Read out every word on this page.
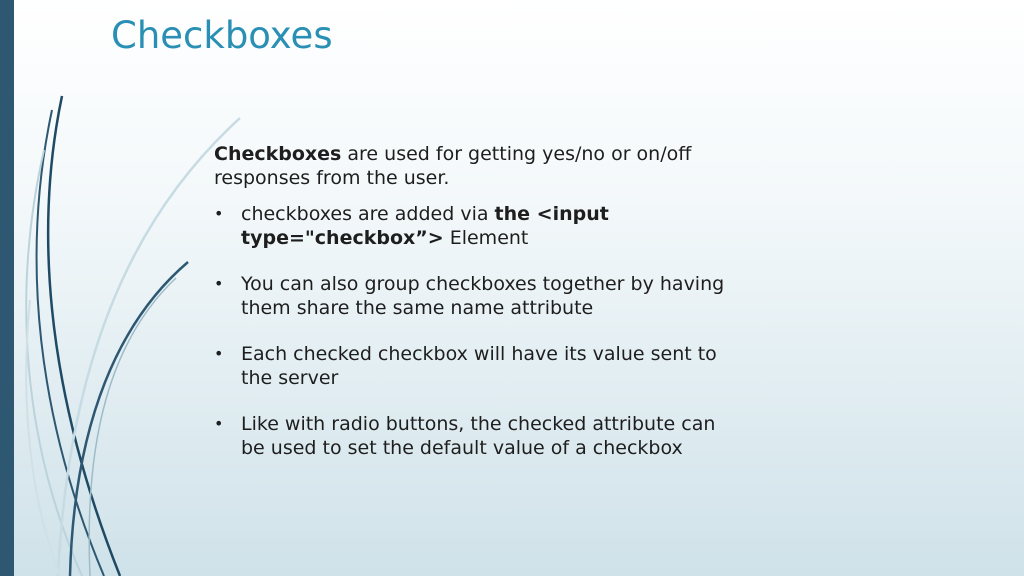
Checkboxes

Checkboxes are used for getting yes/no or on/off responses from the user.

• checkboxes are added via the <input type="checkbox”> Element
• You can also group checkboxes together by having them share the same name attribute
• Each checked checkbox will have its value sent to the server
• Like with radio buttons, the checked attribute can be used to set the default value of a checkbox
